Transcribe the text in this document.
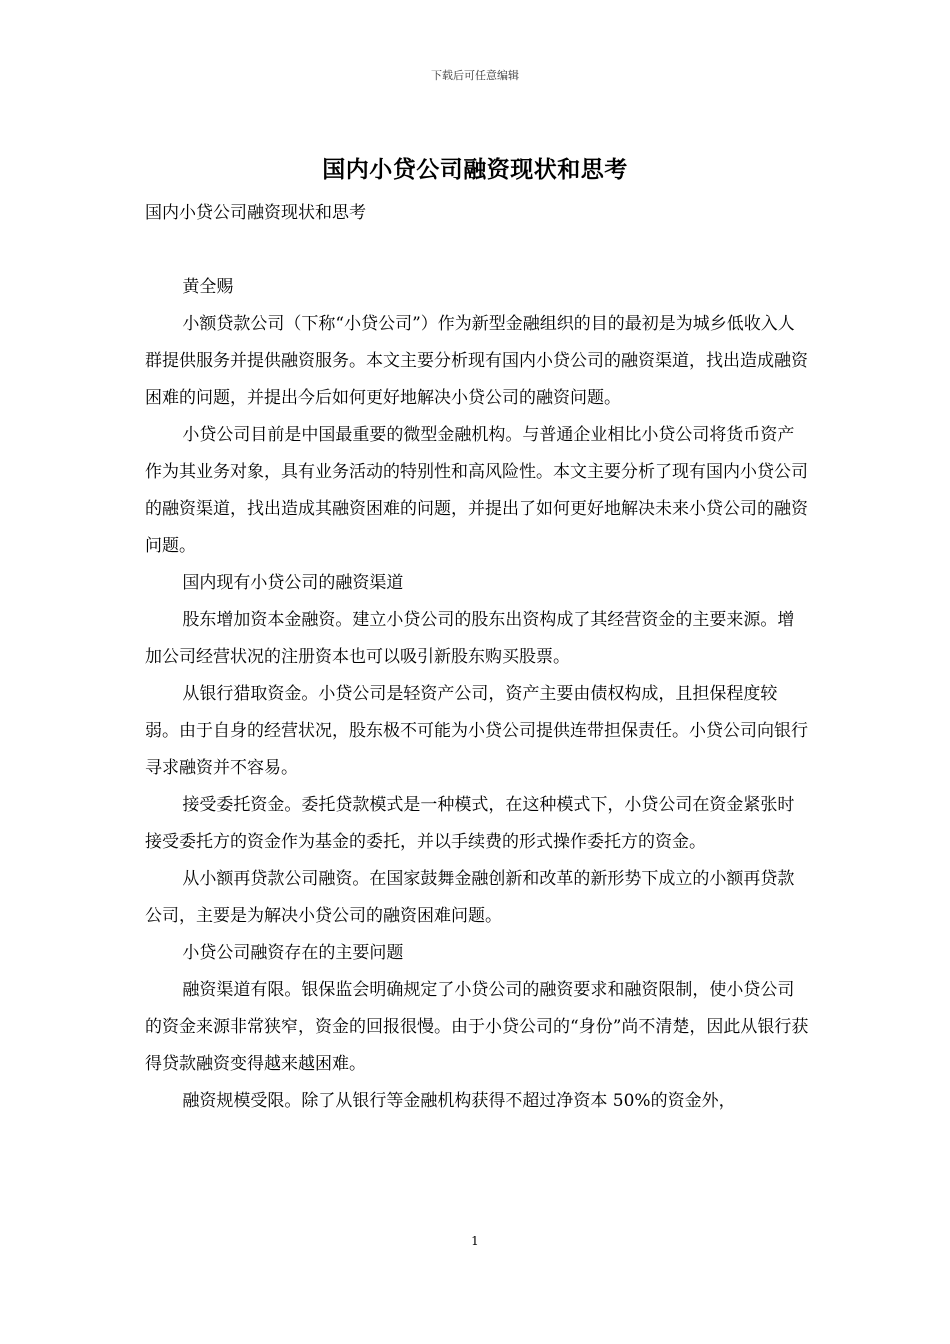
下载后可任意编辑
国内小贷公司融资现状和思考

国内小贷公司融资现状和思考

黄全赐

小额贷款公司（下称“小贷公司”）作为新型金融组织的目的最初是为城乡低收入人群提供服务并提供融资服务。本文主要分析现有国内小贷公司的融资渠道，找出造成融资困难的问题，并提出今后如何更好地解决小贷公司的融资问题。

小贷公司目前是中国最重要的微型金融机构。与普通企业相比小贷公司将货币资产作为其业务对象，具有业务活动的特别性和高风险性。本文主要分析了现有国内小贷公司的融资渠道，找出造成其融资困难的问题，并提出了如何更好地解决未来小贷公司的融资问题。

国内现有小贷公司的融资渠道

股东增加资本金融资。建立小贷公司的股东出资构成了其经营资金的主要来源。增加公司经营状况的注册资本也可以吸引新股东购买股票。

从银行猎取资金。小贷公司是轻资产公司，资产主要由债权构成，且担保程度较弱。由于自身的经营状况，股东极不可能为小贷公司提供连带担保责任。小贷公司向银行寻求融资并不容易。

接受委托资金。委托贷款模式是一种模式，在这种模式下，小贷公司在资金紧张时接受委托方的资金作为基金的委托，并以手续费的形式操作委托方的资金。

从小额再贷款公司融资。在国家鼓舞金融创新和改革的新形势下成立的小额再贷款公司，主要是为解决小贷公司的融资困难问题。

小贷公司融资存在的主要问题

融资渠道有限。银保监会明确规定了小贷公司的融资要求和融资限制，使小贷公司的资金来源非常狭窄，资金的回报很慢。由于小贷公司的“身份”尚不清楚，因此从银行获得贷款融资变得越来越困难。

融资规模受限。除了从银行等金融机构获得不超过净资本 50%的资金外，

1
